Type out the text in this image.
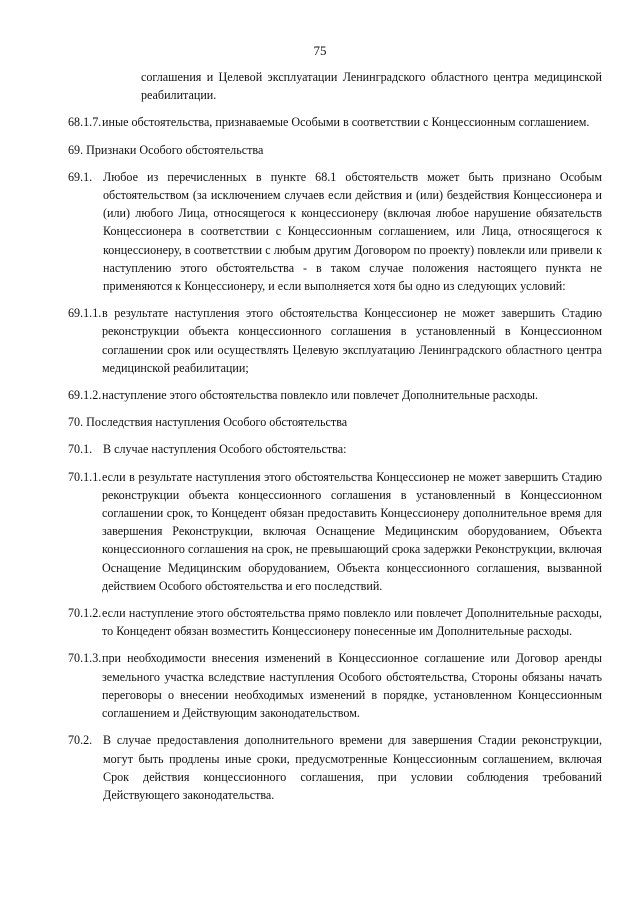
75
соглашения и Целевой эксплуатации Ленинградского областного центра медицинской реабилитации.
68.1.7. иные обстоятельства, признаваемые Особыми в соответствии с Концессионным соглашением.
69. Признаки Особого обстоятельства
69.1. Любое из перечисленных в пункте 68.1 обстоятельств может быть признано Особым обстоятельством (за исключением случаев если действия и (или) бездействия Концессионера и (или) любого Лица, относящегося к концессионеру (включая любое нарушение обязательств Концессионера в соответствии с Концессионным соглашением, или Лица, относящегося к концессионеру, в соответствии с любым другим Договором по проекту) повлекли или привели к наступлению этого обстоятельства - в таком случае положения настоящего пункта не применяются к Концессионеру, и если выполняется хотя бы одно из следующих условий:
69.1.1. в результате наступления этого обстоятельства Концессионер не может завершить Стадию реконструкции объекта концессионного соглашения в установленный в Концессионном соглашении срок или осуществлять Целевую эксплуатацию Ленинградского областного центра медицинской реабилитации;
69.1.2. наступление этого обстоятельства повлекло или повлечет Дополнительные расходы.
70. Последствия наступления Особого обстоятельства
70.1. В случае наступления Особого обстоятельства:
70.1.1. если в результате наступления этого обстоятельства Концессионер не может завершить Стадию реконструкции объекта концессионного соглашения в установленный в Концессионном соглашении срок, то Концедент обязан предоставить Концессионеру дополнительное время для завершения Реконструкции, включая Оснащение Медицинским оборудованием, Объекта концессионного соглашения на срок, не превышающий срока задержки Реконструкции, включая Оснащение Медицинским оборудованием, Объекта концессионного соглашения, вызванной действием Особого обстоятельства и его последствий.
70.1.2. если наступление этого обстоятельства прямо повлекло или повлечет Дополнительные расходы, то Концедент обязан возместить Концессионеру понесенные им Дополнительные расходы.
70.1.3. при необходимости внесения изменений в Концессионное соглашение или Договор аренды земельного участка вследствие наступления Особого обстоятельства, Стороны обязаны начать переговоры о внесении необходимых изменений в порядке, установленном Концессионным соглашением и Действующим законодательством.
70.2. В случае предоставления дополнительного времени для завершения Стадии реконструкции, могут быть продлены иные сроки, предусмотренные Концессионным соглашением, включая Срок действия концессионного соглашения, при условии соблюдения требований Действующего законодательства.
